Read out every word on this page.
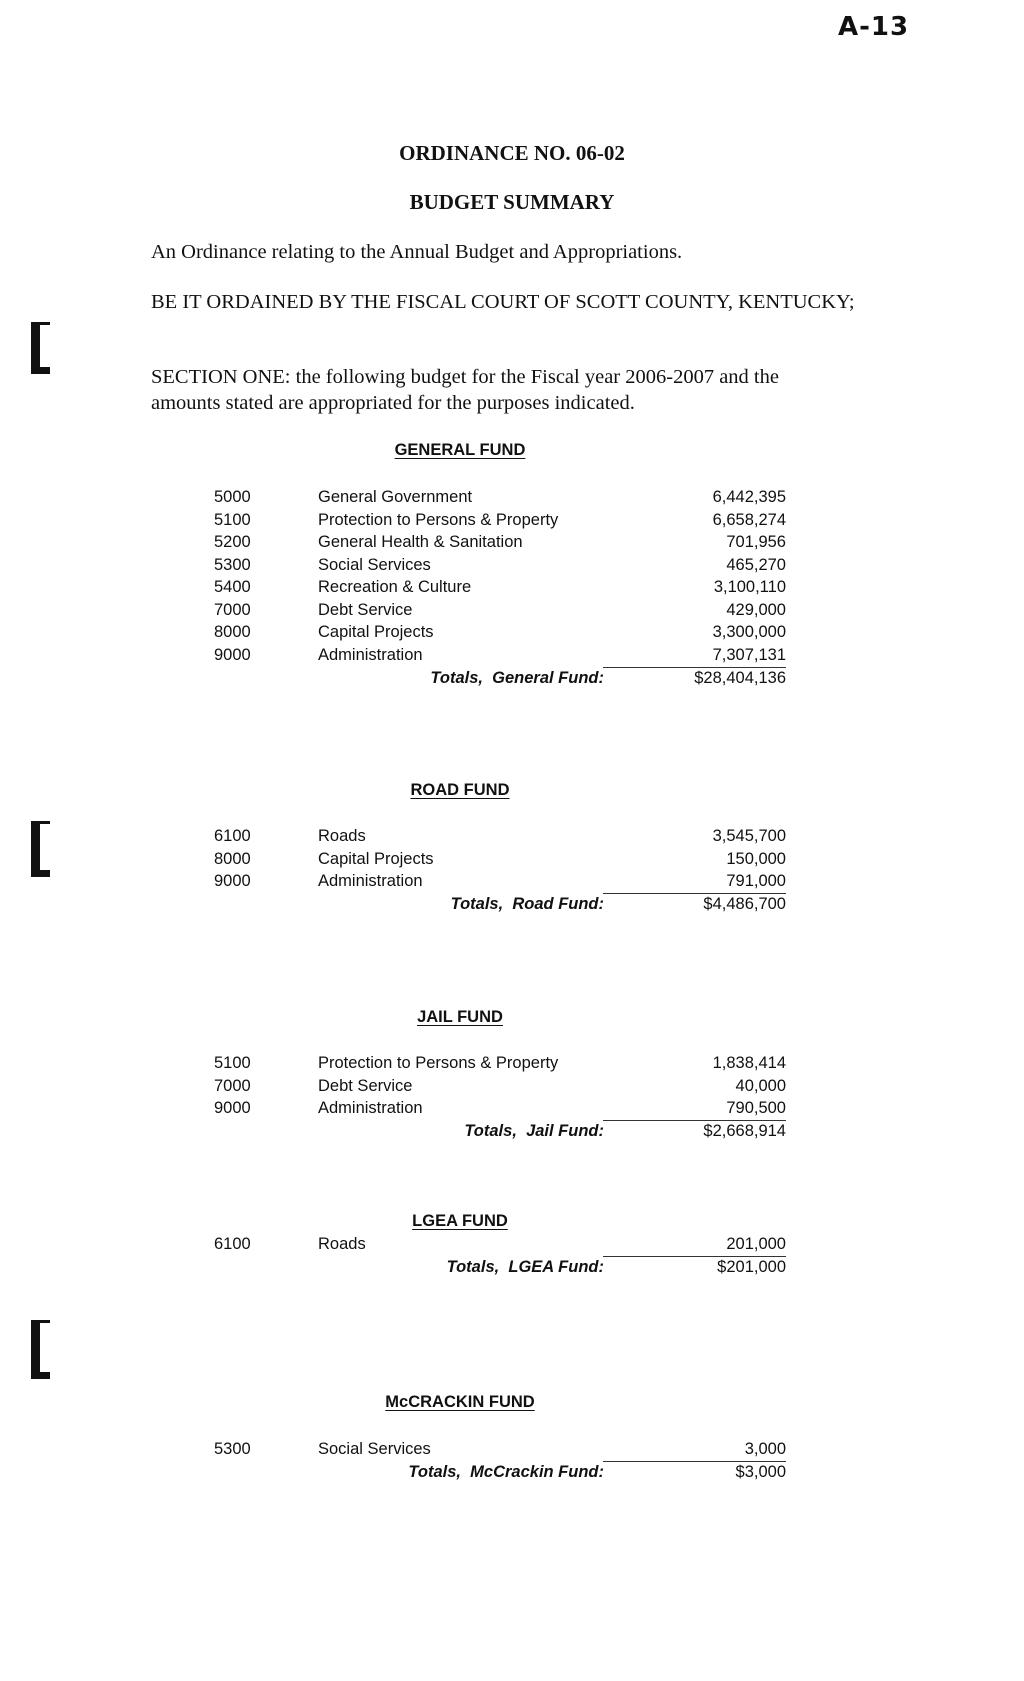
A-13
ORDINANCE NO. 06-02
BUDGET SUMMARY
An Ordinance relating to the Annual Budget and Appropriations.
BE IT ORDAINED BY THE FISCAL COURT OF SCOTT COUNTY, KENTUCKY;
SECTION ONE: the following budget for the Fiscal year 2006-2007 and the
amounts stated are appropriated for the purposes indicated.
GENERAL FUND
5000	General Government	6,442,395
5100	Protection to Persons & Property	6,658,274
5200	General Health & Sanitation	701,956
5300	Social Services	465,270
5400	Recreation & Culture	3,100,110
7000	Debt Service	429,000
8000	Capital Projects	3,300,000
9000	Administration	7,307,131
Totals,  General Fund:	$28,404,136
ROAD FUND
6100	Roads	3,545,700
8000	Capital Projects	150,000
9000	Administration	791,000
Totals,  Road Fund:	$4,486,700
JAIL FUND
5100	Protection to Persons & Property	1,838,414
7000	Debt Service	40,000
9000	Administration	790,500
Totals,  Jail Fund:	$2,668,914
LGEA FUND
6100	Roads	201,000
Totals,  LGEA Fund:	$201,000
McCRACKIN FUND
5300	Social Services	3,000
Totals,  McCrackin Fund:	$3,000
